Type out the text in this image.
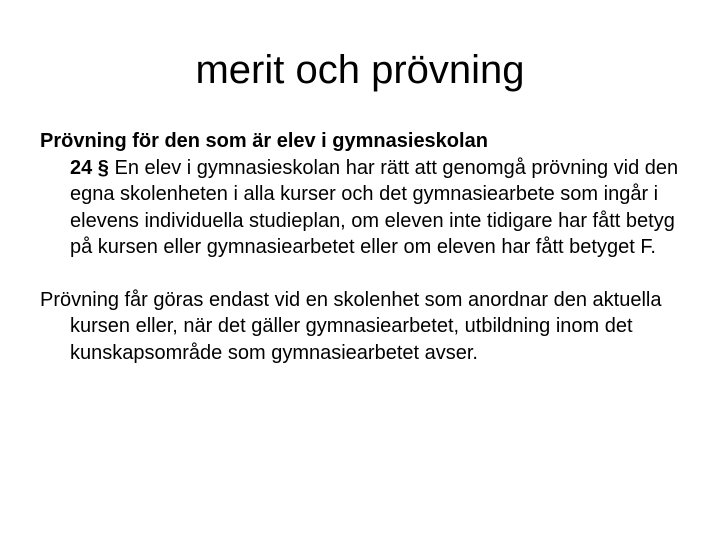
merit och prövning

Prövning för den som är elev i gymnasieskolan
24 § En elev i gymnasieskolan har rätt att genomgå prövning vid den egna skolenheten i alla kurser och det gymnasiearbete som ingår i elevens individuella studieplan, om eleven inte tidigare har fått betyg på kursen eller gymnasiearbetet eller om eleven har fått betyget F.

Prövning får göras endast vid en skolenhet som anordnar den aktuella kursen eller, när det gäller gymnasiearbetet, utbildning inom det kunskapsområde som gymnasiearbetet avser.
